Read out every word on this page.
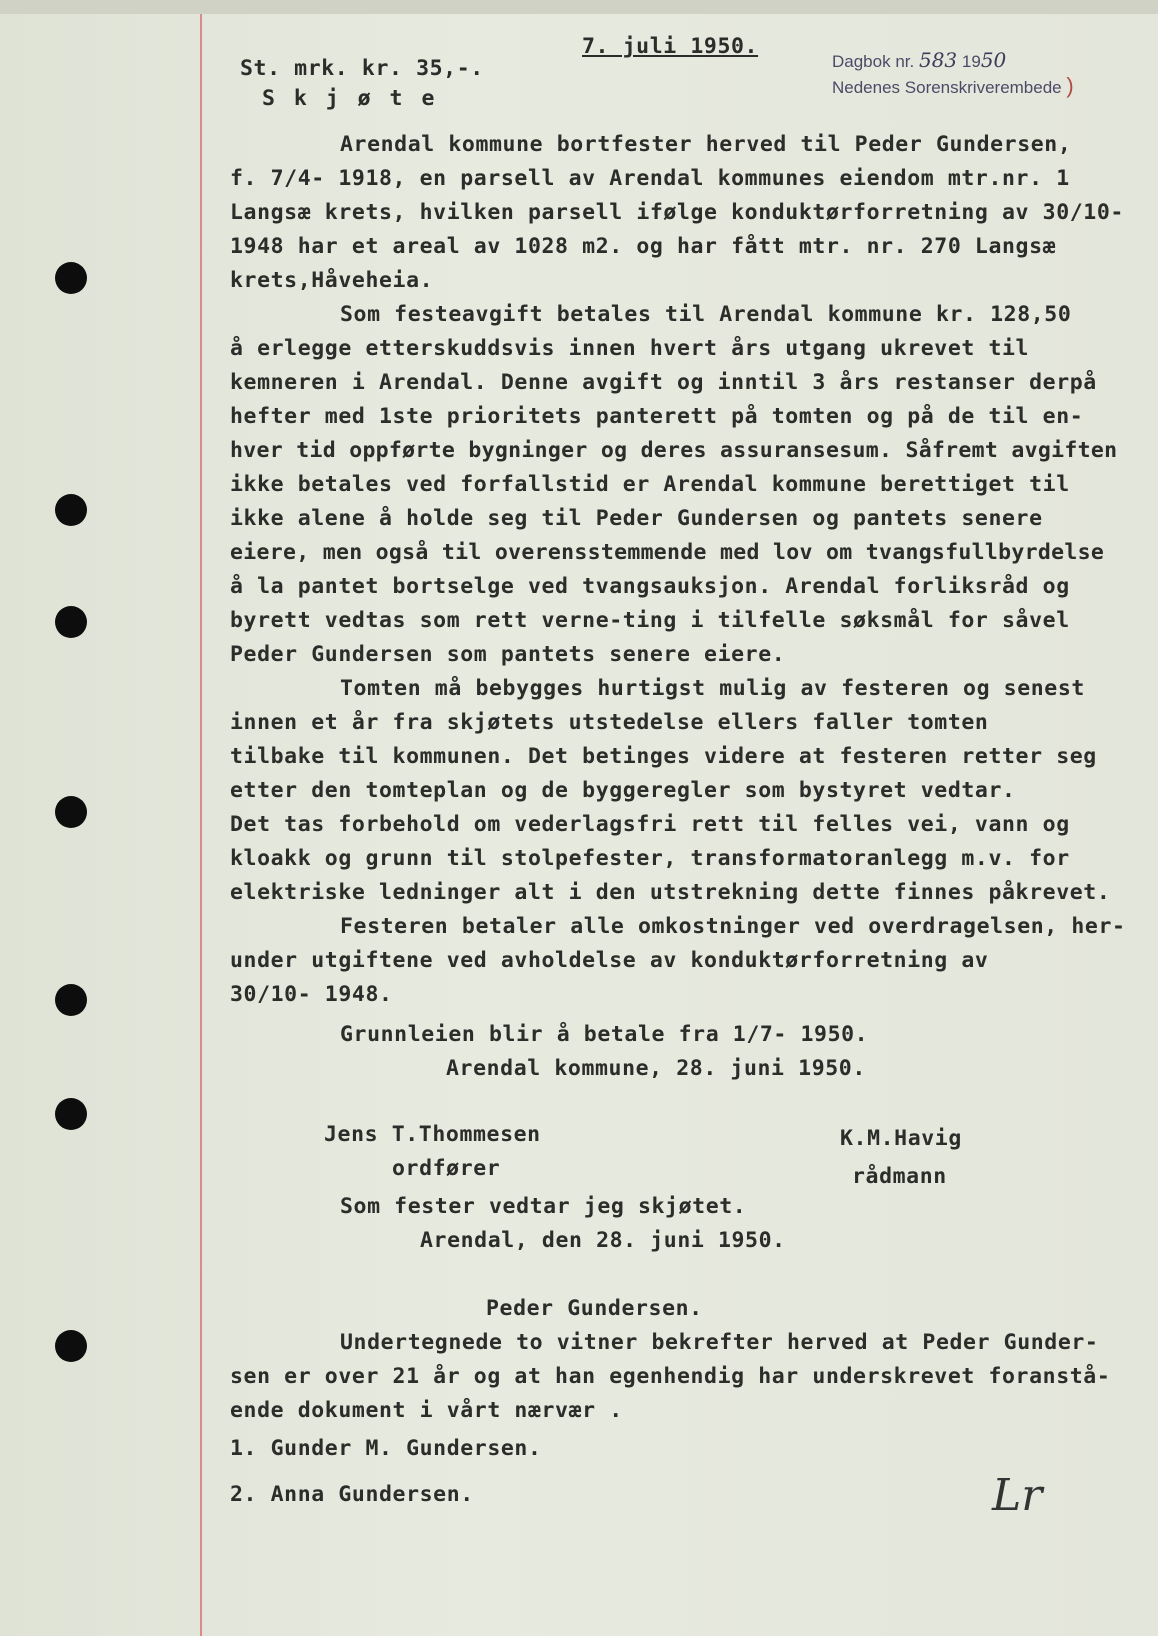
7. juli 1950.
Dagbok nr. 583 1950
Nedenes Sorenskriverembede )
St. mrk. kr. 35,-.
S k j ø t e
Arendal kommune bortfester herved til Peder Gundersen,
f. 7/4- 1918, en parsell av Arendal kommunes eiendom mtr.nr. 1
Langsæ krets, hvilken parsell ifølge konduktørforretning av 30/10-
1948 har et areal av 1028 m2. og har fått mtr. nr. 270 Langsæ
krets,Håveheia.
Som festeavgift betales til Arendal kommune kr. 128,50
å erlegge etterskuddsvis innen hvert års utgang ukrevet til
kemneren i Arendal. Denne avgift og inntil 3 års restanser derpå
hefter med 1ste prioritets panterett på tomten og på de til en-
hver tid oppførte bygninger og deres assuransesum. Såfremt avgiften
ikke betales ved forfallstid er Arendal kommune berettiget til
ikke alene å holde seg til Peder Gundersen og pantets senere
eiere, men også til overensstemmende med lov om tvangsfullbyrdelse
å la pantet bortselge ved tvangsauksjon. Arendal forliksråd og
byrett vedtas som rett verne-ting i tilfelle søksmål for såvel
Peder Gundersen som pantets senere eiere.
Tomten må bebygges hurtigst mulig av festeren og senest
innen et år fra skjøtets utstedelse ellers faller tomten
tilbake til kommunen. Det betinges videre at festeren retter seg
etter den tomteplan og de byggeregler som bystyret vedtar.
Det tas forbehold om vederlagsfri rett til felles vei, vann og
kloakk og grunn til stolpefester, transformatoranlegg m.v. for
elektriske ledninger alt i den utstrekning dette finnes påkrevet.
Festeren betaler alle omkostninger ved overdragelsen, her-
under utgiftene ved avholdelse av konduktørforretning av
30/10- 1948.
Grunnleien blir å betale fra 1/7- 1950.
Arendal kommune, 28. juni 1950.
Jens T.Thommesen	K.M.Havig
ordfører	rådmann
Som fester vedtar jeg skjøtet.
Arendal, den 28. juni 1950.
Peder Gundersen.
Undertegnede to vitner bekrefter herved at Peder Gunder-
sen er over 21 år og at han egenhendig har underskrevet foranstå-
ende dokument i vårt nærvær .
1. Gunder M. Gundersen.
2. Anna Gundersen.	Lr
